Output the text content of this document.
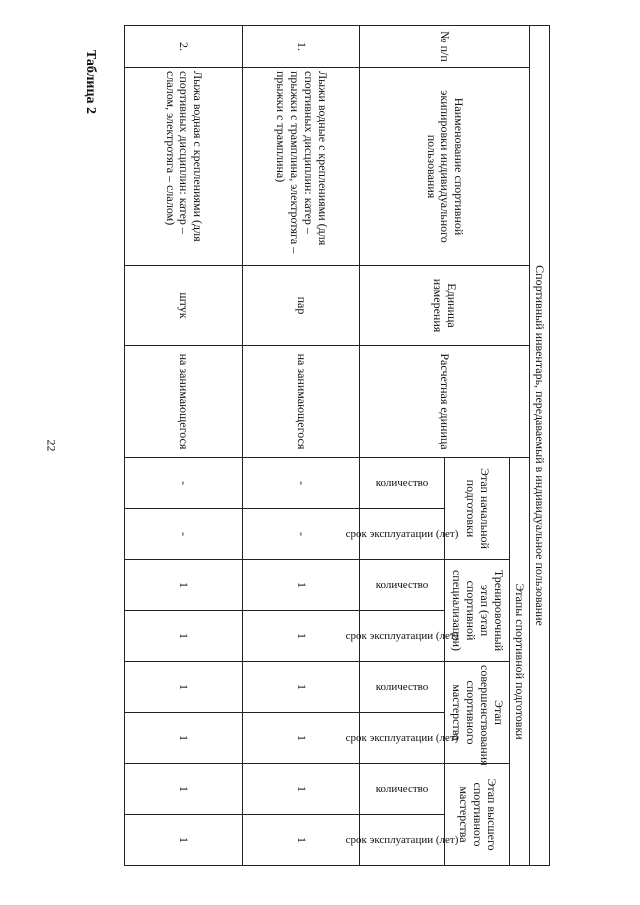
22
Таблица 2
Спортивный инвентарь, передаваемый в индивидуальное пользование											
№ п/п	Наименование спортивной экипировки индивидуального пользования	Единица измерения	Расчетная единица	Этапы спортивной подготовки							
				Этап начальной подготовки		Тренировочный этап (этап спортивной специализации)		Этап совершенствования спортивного мастерства		Этап высшего спортивного мастерства	

				количество	срок эксплуатации (лет)	количество	срок эксплуатации (лет)	количество	срок эксплуатации (лет)	количество	срок эксплуатации (лет)

1.	Лыжи водные с креплениями (для спортивных дисциплин: катер – прыжки с трамплина, электротяга – прыжки с трамплина)	пар	на занимающегося	-	-	1	1	1	1	1	1
2.	Лыжа водная с креплениями (для спортивных дисциплин: катер – слалом, электротяга – слалом)	штук	на занимающегося	-	-	1	1	1	1	1	1
